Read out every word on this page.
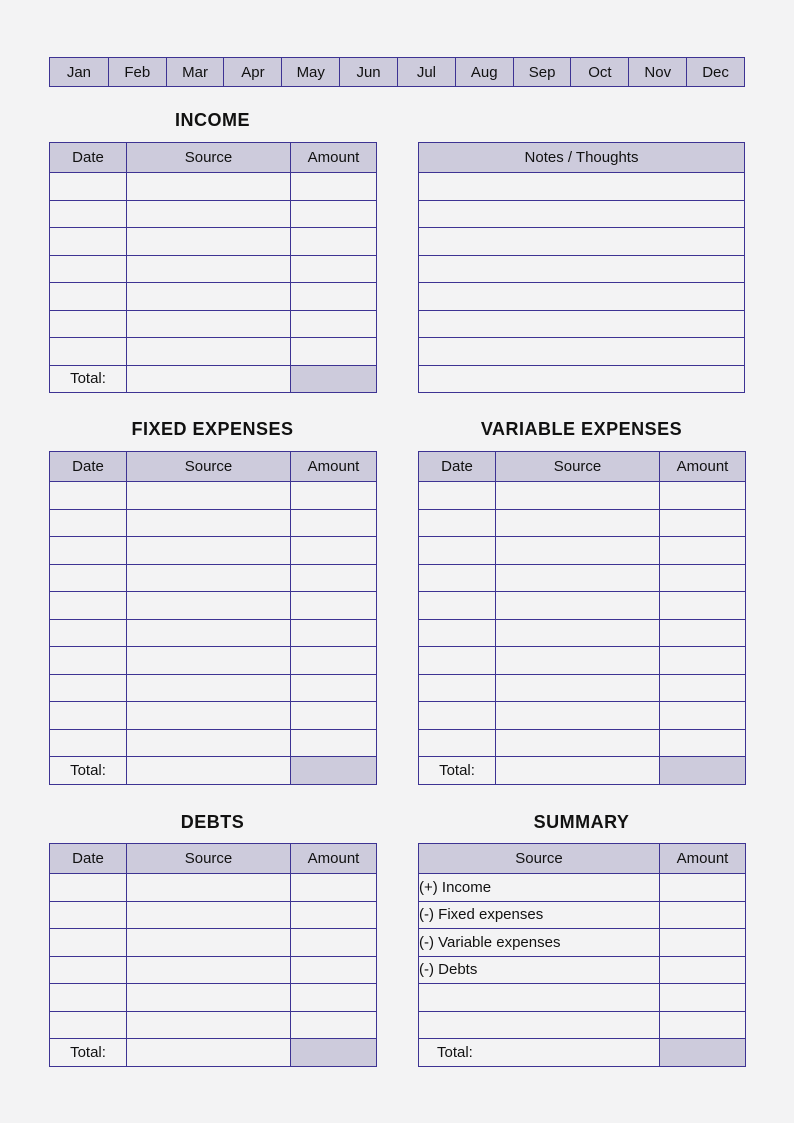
Jan	Feb	Mar	Apr	May	Jun	Jul	Aug	Sep	Oct	Nov	Dec
INCOME
Date	Source	Amount

Total:		
Notes / Thoughts

FIXED EXPENSES
Date	Source	Amount

Total:		
VARIABLE EXPENSES
Date	Source	Amount

Total:		
DEBTS
Date	Source	Amount

Total:		
SUMMARY
Source	Amount
(+) Income	
(-) Fixed expenses	
(-) Variable expenses	
(-) Debts	

Total:	
